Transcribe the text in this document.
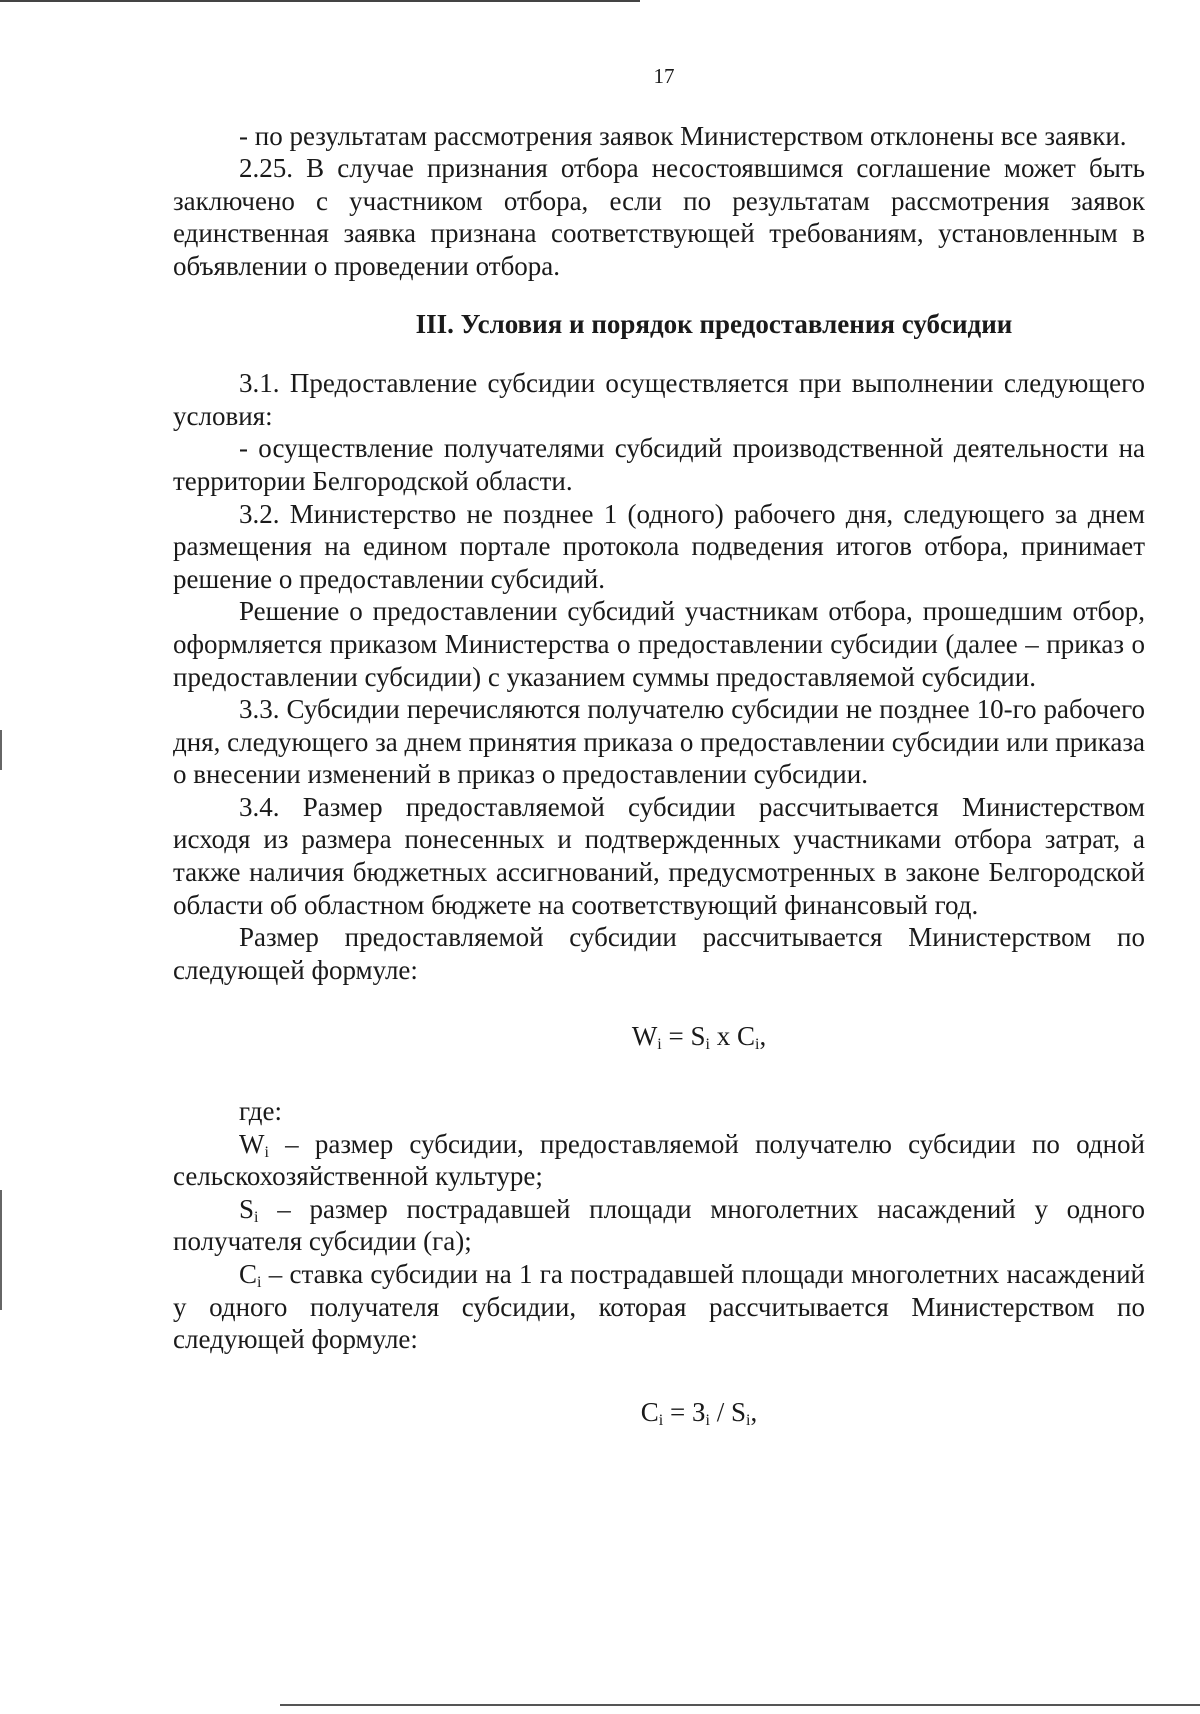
17

- по результатам рассмотрения заявок Министерством отклонены все заявки.

2.25. В случае признания отбора несостоявшимся соглашение может быть заключено с участником отбора, если по результатам рассмотрения заявок единственная заявка признана соответствующей требованиям, установленным в объявлении о проведении отбора.

III. Условия и порядок предоставления субсидии

3.1. Предоставление субсидии осуществляется при выполнении следующего условия:

- осуществление получателями субсидий производственной деятельности на территории Белгородской области.

3.2. Министерство не позднее 1 (одного) рабочего дня, следующего за днем размещения на едином портале протокола подведения итогов отбора, принимает решение о предоставлении субсидий.

Решение о предоставлении субсидий участникам отбора, прошедшим отбор, оформляется приказом Министерства о предоставлении субсидии (далее – приказ о предоставлении субсидии) с указанием суммы предоставляемой субсидии.

3.3. Субсидии перечисляются получателю субсидии не позднее 10-го рабочего дня, следующего за днем принятия приказа о предоставлении субсидии или приказа о внесении изменений в приказ о предоставлении субсидии.

3.4. Размер предоставляемой субсидии рассчитывается Министерством исходя из размера понесенных и подтвержденных участниками отбора затрат, а также наличия бюджетных ассигнований, предусмотренных в законе Белгородской области об областном бюджете на соответствующий финансовый год.

Размер предоставляемой субсидии рассчитывается Министерством по следующей формуле:

$W_i = S_i$ x $C_i$,

где:

$W_i$ – размер субсидии, предоставляемой получателю субсидии по одной сельскохозяйственной культуре;

$S_i$ – размер пострадавшей площади многолетних насаждений у одного получателя субсидии (га);

$C_i$ – ставка субсидии на 1 га пострадавшей площади многолетних насаждений у одного получателя субсидии, которая рассчитывается Министерством по следующей формуле:

$C_i = З_i / S_i$,
